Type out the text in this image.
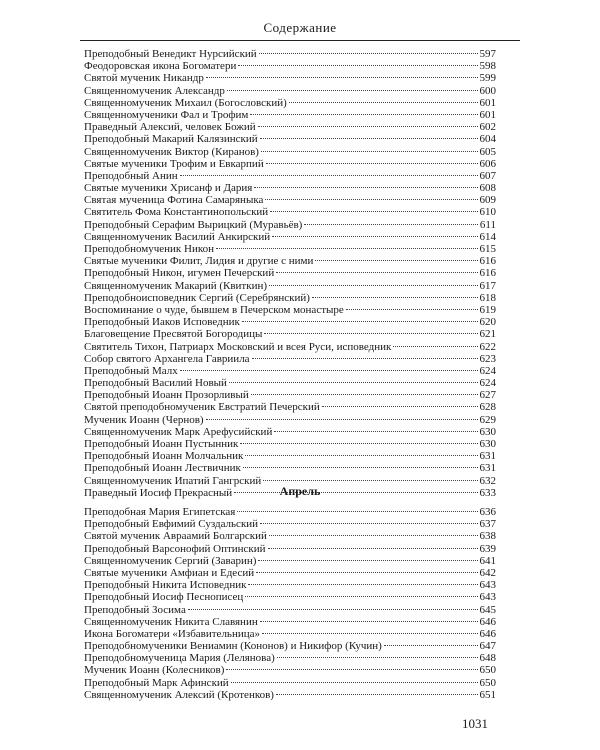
Содержание
Преподобный Венедикт Нурсийский	597
Феодоровская икона Богоматери	598
Святой мученик Никандр	599
Священномученик Александр	600
Священномученик Михаил (Богословский)	601
Священномученики Фал и Трофим	601
Праведный Алексий, человек Божий	602
Преподобный Макарий Калязинский	604
Священномученик Виктор (Киранов)	605
Святые мученики Трофим и Евкарпий	606
Преподобный Анин	607
Святые мученики Хрисанф и Дария	608
Святая мученица Фотина Самаряныка	609
Святитель Фома Константинопольский	610
Преподобный Серафим Вырицкий (Муравьёв)	611
Священномученик Василий Анкирский	614
Преподобномученик Никон	615
Святые мученики Филит, Лидия и другие с ними	616
Преподобный Никон, игумен Печерский	616
Священномученик Макарий (Квиткин)	617
Преподобноисповедник Сергий (Серебрянский)	618
Воспоминание о чуде, бывшем в Печерском монастыре	619
Преподобный Иаков Исповедник	620
Благовещение Пресвятой Богородицы	621
Святитель Тихон, Патриарх Московский и всея Руси, исповедник	622
Собор святого Архангела Гавриила	623
Преподобный Малх	624
Преподобный Василий Новый	624
Преподобный Иоанн Прозорливый	627
Святой преподобномученик Евстратий Печерский	628
Мученик Иоанн (Чернов)	629
Священномученик Марк Арефусийский	630
Преподобный Иоанн Пустынник	630
Преподобный Иоанн Молчальник	631
Преподобный Иоанн Лествичник	631
Священномученик Ипатий Гангрский	632
Праведный Иосиф Прекрасный	633
Апрель
Преподобная Мария Египетская	636
Преподобный Евфимий Суздальский	637
Святой мученик Авраамий Болгарский	638
Преподобный Варсонофий Оптинский	639
Священномученик Сергий (Заварин)	641
Святые мученики Амфиан и Едесий	642
Преподобный Никита Исповедник	643
Преподобный Иосиф Песнописец	643
Преподобный Зосима	645
Священномученик Никита Славянин	646
Икона Богоматери «Избавительница»	646
Преподобномученики Вениамин (Кононов) и Никифор (Кучин)	647
Преподобномученица Мария (Лелянова)	648
Мученик Иоанн (Колесников)	650
Преподобный Марк Афинский	650
Священномученик Алексий (Кротенков)	651
1031
